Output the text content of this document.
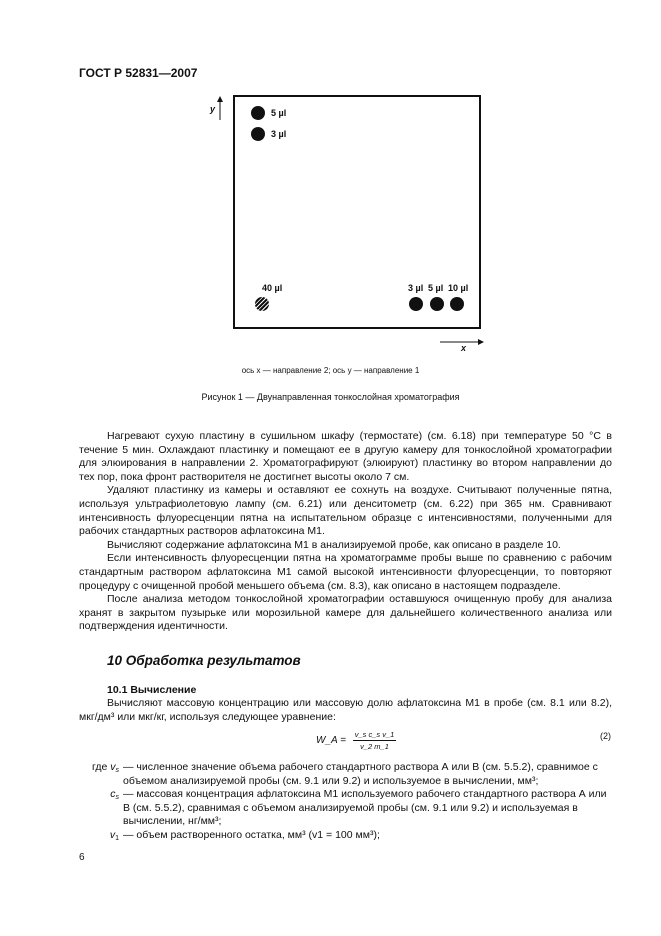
ГОСТ Р 52831—2007
y	5 µl
3 µl
40 µl	3 µl 5 µl 10 µl
x
ось x — направление 2; ось y — направление 1
Рисунок 1 — Двунаправленная тонкослойная хроматография

Нагревают сухую пластину в сушильном шкафу (термостате) (см. 6.18) при температуре 50 °С в течение 5 мин. Охлаждают пластинку и помещают ее в другую камеру для тонкослойной хроматографии для элюирования в направлении 2. Хроматографируют (элюируют) пластинку во втором направлении до тех пор, пока фронт растворителя не достигнет высоты около 7 см.

Удаляют пластинку из камеры и оставляют ее сохнуть на воздухе. Считывают полученные пятна, используя ультрафиолетовую лампу (см. 6.21) или денситометр (см. 6.22) при 365 нм. Сравнивают интенсивность флуоресценции пятна на испытательном образце с интенсивностями, полученными для рабочих стандартных растворов афлатоксина M1.

Вычисляют содержание афлатоксина M1 в анализируемой пробе, как описано в разделе 10.

Если интенсивность флуоресценции пятна на хроматограмме пробы выше по сравнению с рабочим стандартным раствором афлатоксина M1 самой высокой интенсивности флуоресценции, то повторяют процедуру с очищенной пробой меньшего объема (см. 8.3), как описано в настоящем подразделе.

После анализа методом тонкослойной хроматографии оставшуюся очищенную пробу для анализа хранят в закрытом пузырьке или морозильной камере для дальнейшего количественного анализа или подтверждения идентичности.

10 Обработка результатов
10.1 Вычисление

Вычисляют массовую концентрацию или массовую долю афлатоксина M1 в пробе (см. 8.1 или 8.2), мкг/дм³ или мкг/кг, используя следующее уравнение:

W_A = $\frac{\text{v\_s c\_s v\_1}}{v\_2 m\_1}$	(2)
где $v_s$ — численное значение объема рабочего стандартного раствора А или В (см. 5.5.2), сравнимое с объемом анализируемой пробы (см. 9.1 или 9.2) и используемое в вычислении, мм³;
$c_s$ — массовая концентрация афлатоксина M1 используемого рабочего стандартного раствора А или В (см. 5.5.2), сравнимая с объемом анализируемой пробы (см. 9.1 или 9.2) и используемая в вычислении, нг/мм³;
$v_1$ — объем растворенного остатка, мм³ (v1 = 100 мм³);
6
